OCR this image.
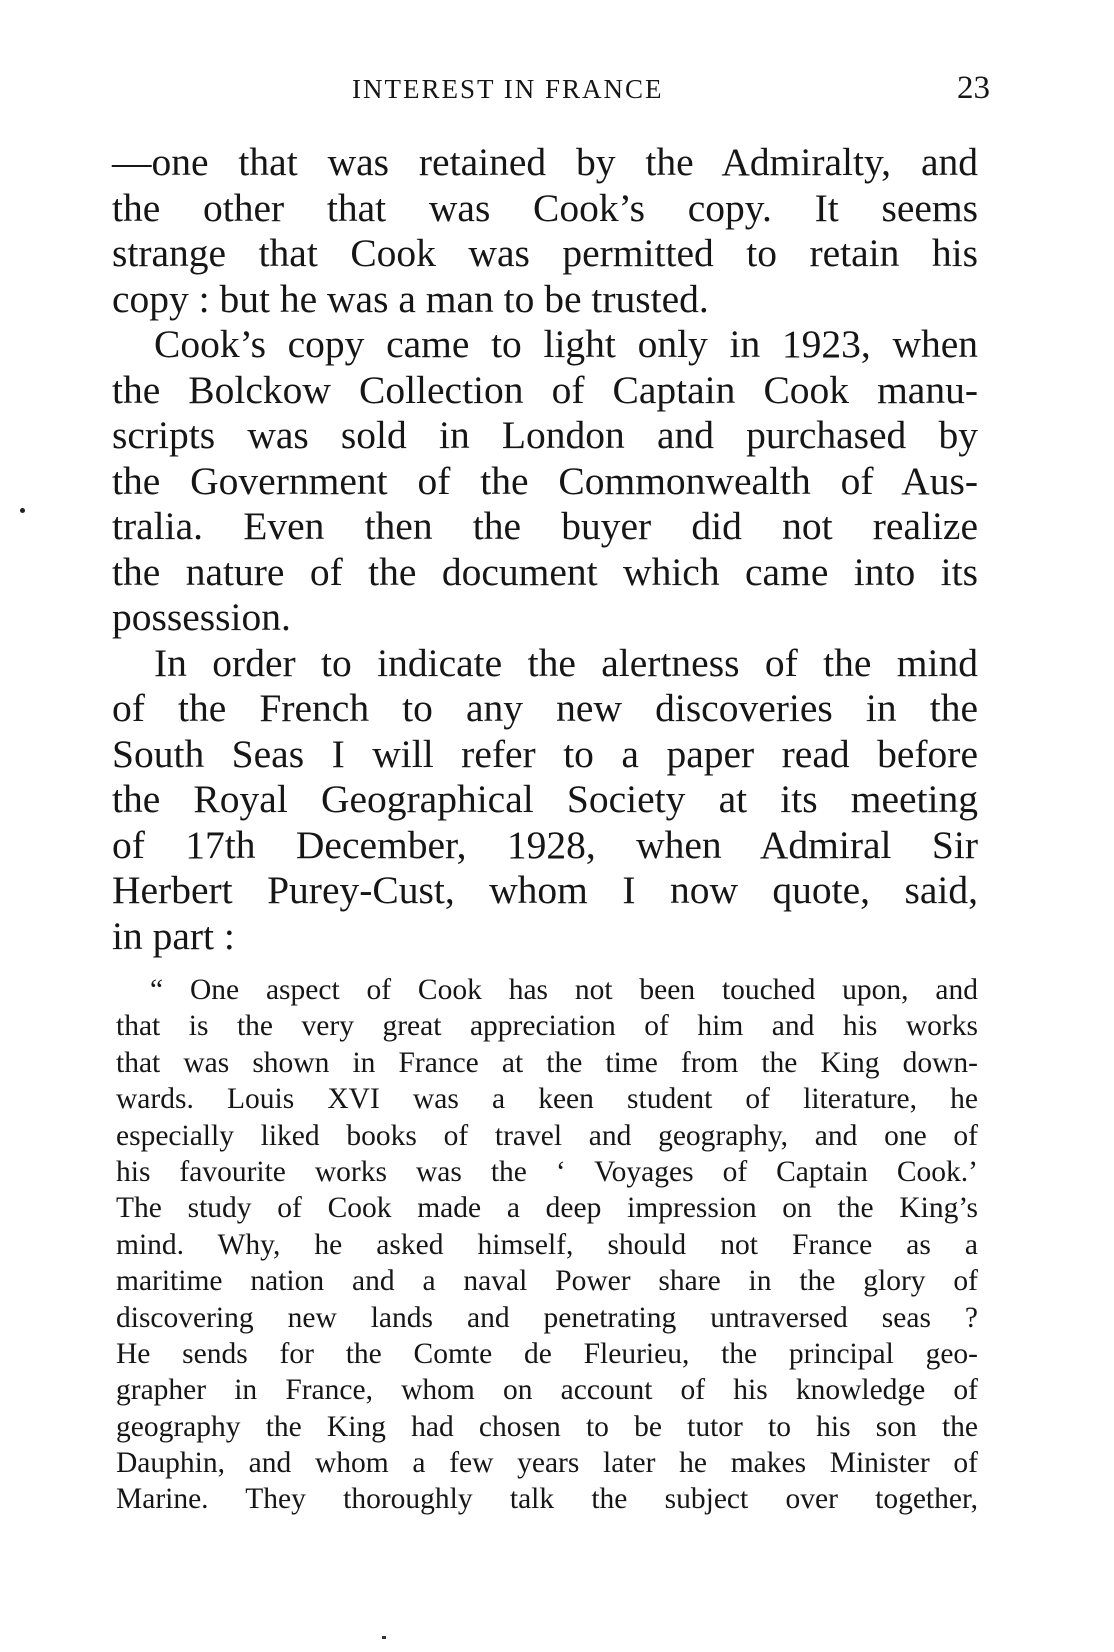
INTEREST IN FRANCE	23
—one that was retained by the Admiralty, and
the other that was Cook’s copy. It seems
strange that Cook was permitted to retain his
copy : but he was a man to be trusted.
Cook’s copy came to light only in 1923, when
the Bolckow Collection of Captain Cook manu-
scripts was sold in London and purchased by
the Government of the Commonwealth of Aus-
tralia. Even then the buyer did not realize
the nature of the document which came into its
possession.
In order to indicate the alertness of the mind
of the French to any new discoveries in the
South Seas I will refer to a paper read before
the Royal Geographical Society at its meeting
of 17th December, 1928, when Admiral Sir
Herbert Purey-Cust, whom I now quote, said,
in part :
“ One aspect of Cook has not been touched upon, and
that is the very great appreciation of him and his works
that was shown in France at the time from the King down-
wards. Louis XVI was a keen student of literature, he
especially liked books of travel and geography, and one of
his favourite works was the ‘ Voyages of Captain Cook.’
The study of Cook made a deep impression on the King’s
mind. Why, he asked himself, should not France as a
maritime nation and a naval Power share in the glory of
discovering new lands and penetrating untraversed seas ?
He sends for the Comte de Fleurieu, the principal geo-
grapher in France, whom on account of his knowledge of
geography the King had chosen to be tutor to his son the
Dauphin, and whom a few years later he makes Minister of
Marine. They thoroughly talk the subject over together,
